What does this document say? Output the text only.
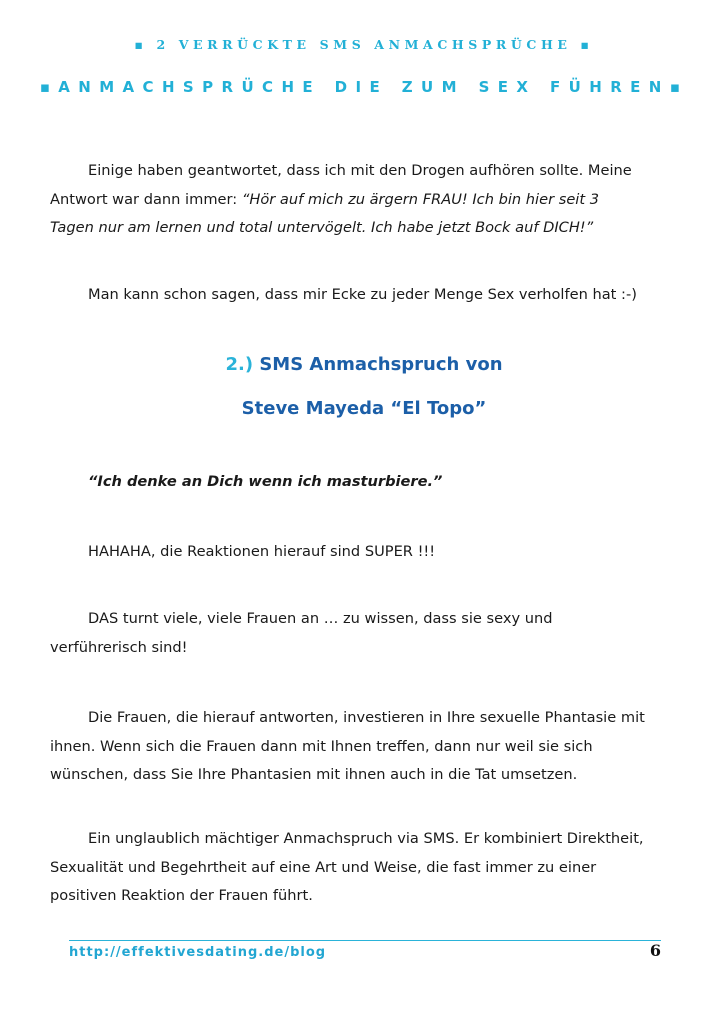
▪ 2 VERRÜCKTE SMS ANMACHSPRÜCHE ▪
▪ANMACHSPRÜCHE DIE ZUM SEX FÜHREN▪
Einige haben geantwortet, dass ich mit den Drogen aufhören sollte. Meine
Antwort war dann immer: “Hör auf mich zu ärgern FRAU! Ich bin hier seit 3
Tagen nur am lernen und total untervögelt. Ich habe jetzt Bock auf DICH!”
Man kann schon sagen, dass mir Ecke zu jeder Menge Sex verholfen hat :-)
2.) SMS Anmachspruch von
Steve Mayeda “El Topo”
“Ich denke an Dich wenn ich masturbiere.”
HAHAHA, die Reaktionen hierauf sind SUPER !!!
DAS turnt viele, viele Frauen an … zu wissen, dass sie sexy und
verführerisch sind!
Die Frauen, die hierauf antworten, investieren in Ihre sexuelle Phantasie mit
ihnen. Wenn sich die Frauen dann mit Ihnen treffen, dann nur weil sie sich
wünschen, dass Sie Ihre Phantasien mit ihnen auch in die Tat umsetzen.
Ein unglaublich mächtiger Anmachspruch via SMS. Er kombiniert Direktheit,
Sexualität und Begehrtheit auf eine Art und Weise, die fast immer zu einer
positiven Reaktion der Frauen führt.
http://effektivesdating.de/blog	6
